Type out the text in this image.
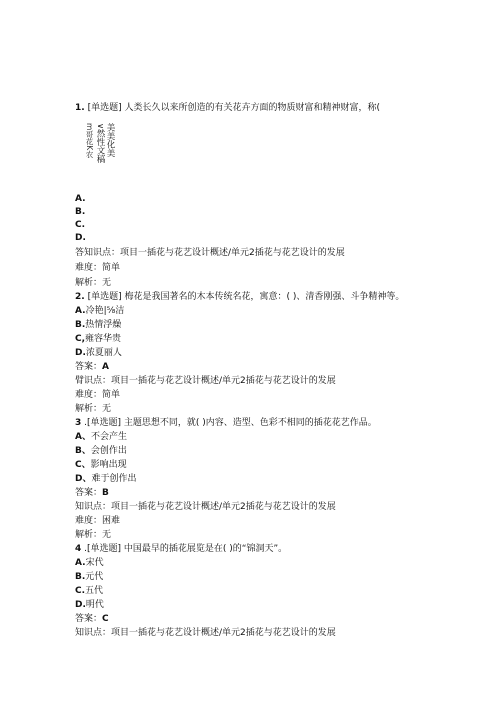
1. [单选题] 人类长久以来所创造的有关花卉方面的物质财富和精神财富，称(
美美化美
∨然性文稿
m哥花K农
A.
B.
C.
D.
答知识点：项目一插花与花艺设计概述/单元2插花与花艺设计的发展
难度：简单
解析：无
2. [单选题] 梅花是我国著名的木本传统名花，寓意：( )、清香刚强、斗争精神等。
A.冷艳|⅝洁
B.热情浮燥
C,雍容华贵
D.浓夏丽人
答案：A
臂识点：项目一插花与花艺设计概述/单元2插花与花艺设计的发展
难度：简单
解析：无
3 .[单选题] 主题思想不同，就( )内容、造型、色彩不相同的插花花艺作品。
A、不会产生
B、会创作出
C、影响出现
D、难于创作出
答案：B
知识点：项目一插花与花艺设计概述/单元2插花与花艺设计的发展
难度：困难
解析：无
4 .[单选题] 中国最早的插花展览是在( )的“锦洞天”。
A.宋代
B.元代
C.五代
D.明代
答案：C
知识点：项目一插花与花艺设计概述/单元2插花与花艺设计的发展
